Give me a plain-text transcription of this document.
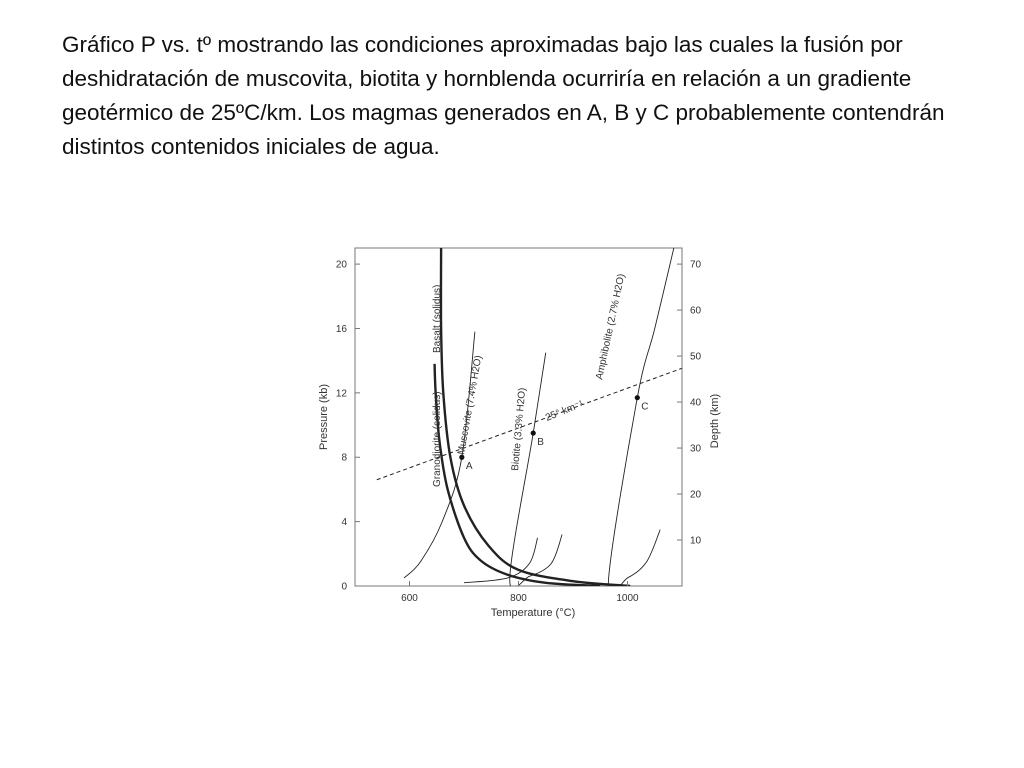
Gráfico P vs. tº mostrando las condiciones aproximadas bajo las cuales la fusión por deshidratación de muscovita, biotita y hornblenda ocurriría en relación a un gradiente geotérmico de 25ºC/km. Los magmas generados en A, B y C probablemente contendrán distintos contenidos iniciales de agua.
600	800	1000
0
4
8
12
16
20
10
20
30
40
50
60
70
A
B
C
Basalt (solidus)
Granodiorite (solidus) Muscovite (7.4% H2O)	Biotite (3.3% H2O)
Amphibolite (2.7% H2O)
25° km⁻¹
Temperature (°C)
Pressure (kb)	Depth (km)
